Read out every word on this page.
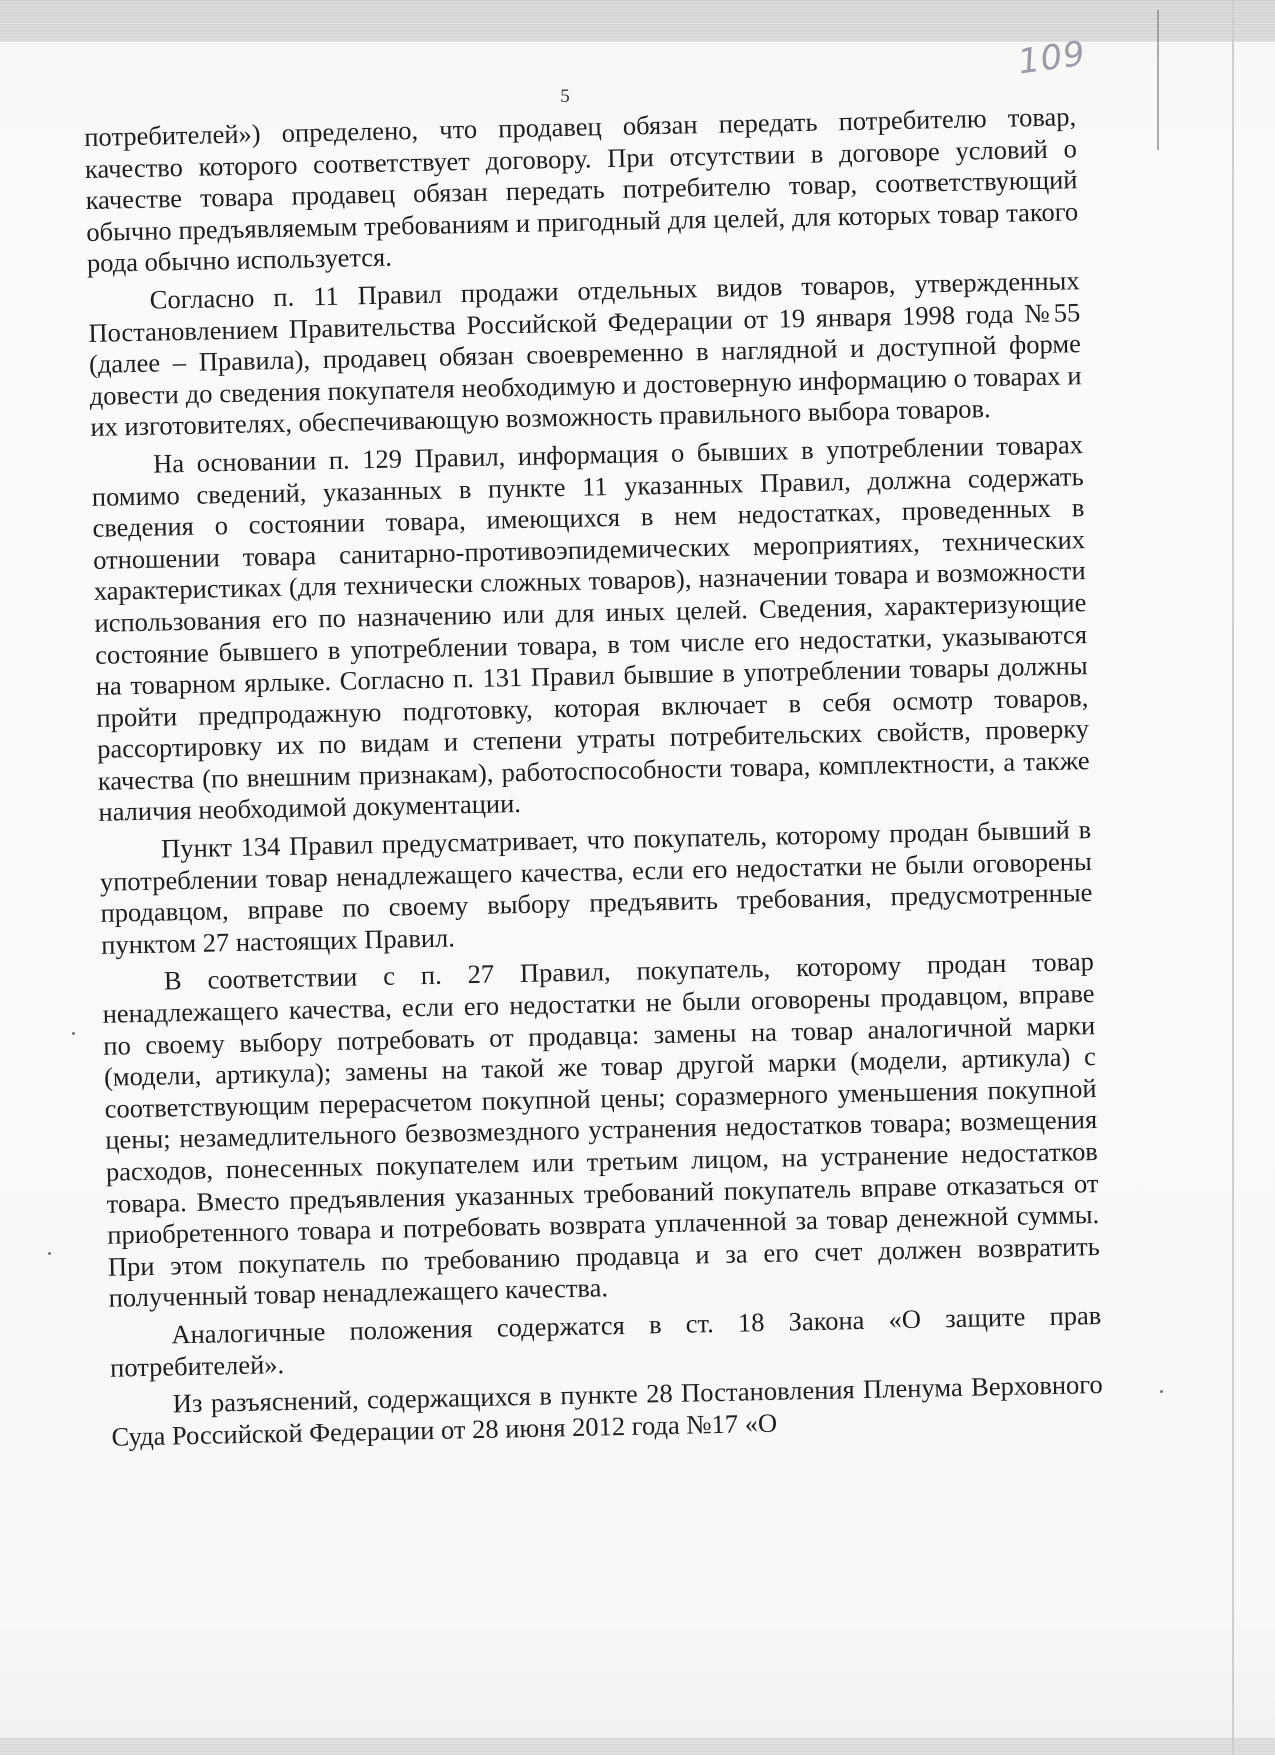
109
5

потребителей») определено, что продавец обязан передать потребителю товар, качество которого соответствует договору. При отсутствии в договоре условий о качестве товара продавец обязан передать потребителю товар, соответствующий обычно предъявляемым требованиям и пригодный для целей, для которых товар такого рода обычно используется.

Согласно п. 11 Правил продажи отдельных видов товаров, утвержденных Постановлением Правительства Российской Федерации от 19 января 1998 года №55 (далее – Правила), продавец обязан своевременно в наглядной и доступной форме довести до сведения покупателя необходимую и достоверную информацию о товарах и их изготовителях, обеспечивающую возможность правильного выбора товаров.

На основании п. 129 Правил, информация о бывших в употреблении товарах помимо сведений, указанных в пункте 11 указанных Правил, должна содержать сведения о состоянии товара, имеющихся в нем недостатках, проведенных в отношении товара санитарно-противоэпидемических мероприятиях, технических характеристиках (для технически сложных товаров), назначении товара и возможности использования его по назначению или для иных целей. Сведения, характеризующие состояние бывшего в употреблении товара, в том числе его недостатки, указываются на товарном ярлыке. Согласно п. 131 Правил бывшие в употреблении товары должны пройти предпродажную подготовку, которая включает в себя осмотр товаров, рассортировку их по видам и степени утраты потребительских свойств, проверку качества (по внешним признакам), работоспособности товара, комплектности, а также наличия необходимой документации.

Пункт 134 Правил предусматривает, что покупатель, которому продан бывший в употреблении товар ненадлежащего качества, если его недостатки не были оговорены продавцом, вправе по своему выбору предъявить требования, предусмотренные пунктом 27 настоящих Правил.

В соответствии с п. 27 Правил, покупатель, которому продан товар ненадлежащего качества, если его недостатки не были оговорены продавцом, вправе по своему выбору потребовать от продавца: замены на товар аналогичной марки (модели, артикула); замены на такой же товар другой марки (модели, артикула) с соответствующим перерасчетом покупной цены; соразмерного уменьшения покупной цены; незамедлительного безвозмездного устранения недостатков товара; возмещения расходов, понесенных покупателем или третьим лицом, на устранение недостатков товара. Вместо предъявления указанных требований покупатель вправе отказаться от приобретенного товара и потребовать возврата уплаченной за товар денежной суммы. При этом покупатель по требованию продавца и за его счет должен возвратить полученный товар ненадлежащего качества.

Аналогичные положения содержатся в ст. 18 Закона «О защите прав потребителей».

Из разъяснений, содержащихся в пункте 28 Постановления Пленума Верховного Суда Российской Федерации от 28 июня 2012 года №17 «О
